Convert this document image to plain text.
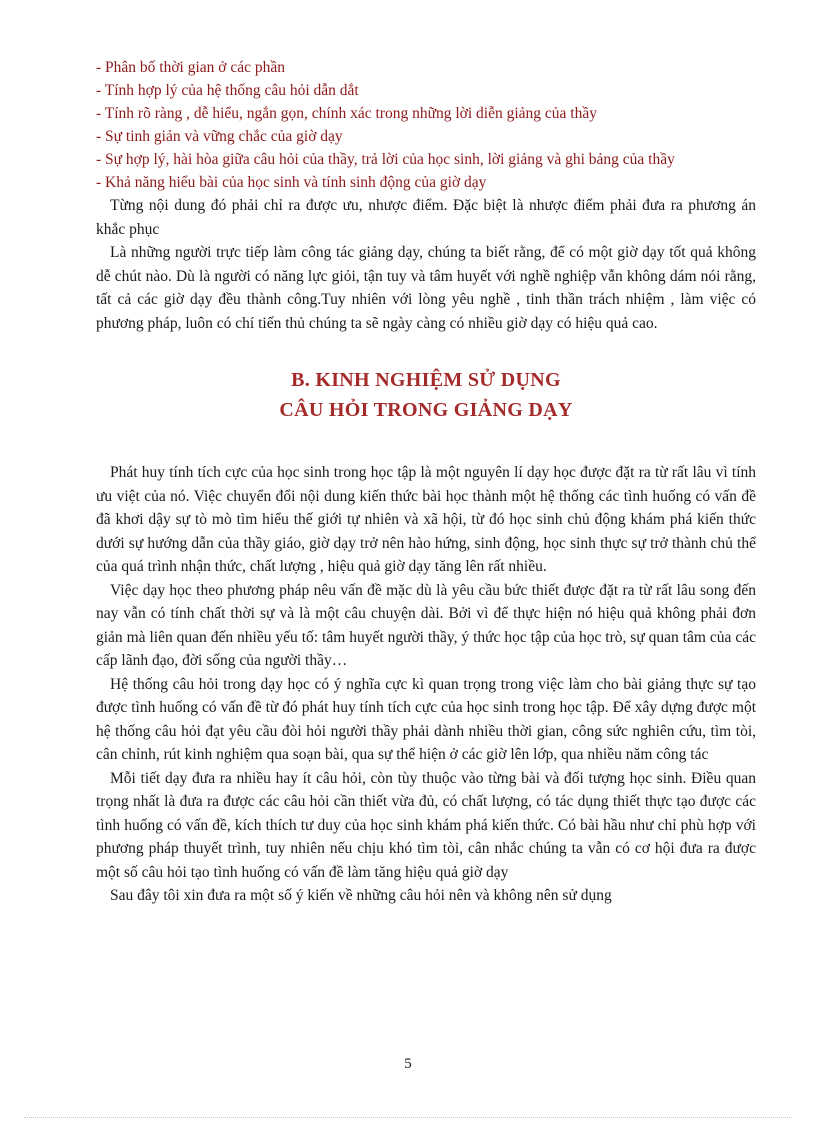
- Phân bố thời gian ở các phần
- Tính hợp lý của hệ thống câu hỏi dẫn dắt
- Tính rõ ràng , dễ hiểu, ngắn gọn, chính xác trong những lời diễn giảng của thầy
- Sự tinh giản và vững chắc của giờ dạy
- Sự hợp lý, hài hòa giữa câu hỏi của thầy, trả lời của học sinh, lời giảng và ghi bảng của thầy
- Khả năng hiểu bài của học sinh và tính sinh động của giờ dạy

Từng nội dung đó phải chỉ ra được ưu, nhược điểm. Đặc biệt là nhược điểm phải đưa ra phương án khắc phục

Là những người trực tiếp làm công tác giảng dạy, chúng ta biết rằng, để có một giờ dạy tốt quả không dễ chút nào. Dù là người có năng lực giỏi, tận tuy và tâm huyết với nghề nghiệp vẫn không dám nói rằng, tất cả các giờ dạy đều thành công.Tuy nhiên với lòng yêu nghề , tinh thần trách nhiệm , làm việc có phương pháp, luôn có chí tiến thủ chúng ta sẽ ngày càng có nhiều giờ dạy có hiệu quả cao.

B. KINH NGHIỆM SỬ DỤNG
CÂU HỎI TRONG GIẢNG DẠY

Phát huy tính tích cực của học sinh trong học tập là một nguyên lí dạy học được đặt ra từ rất lâu vì tính ưu việt của nó. Việc chuyển đổi nội dung kiến thức bài học thành một hệ thống các tình huống có vấn đề đã khơi dậy sự tò mò tìm hiểu thế giới tự nhiên và xã hội, từ đó học sinh chủ động khám phá kiến thức dưới sự hướng dẫn của thầy giáo, giờ dạy trở nên hào hứng, sinh động, học sinh thực sự trở thành chủ thể của quá trình nhận thức, chất lượng , hiệu quả giờ dạy tăng lên rất nhiều.

Việc dạy học theo phương pháp nêu vấn đề mặc dù là yêu cầu bức thiết được đặt ra từ rất lâu song đến nay vẫn có tính chất thời sự và là một câu chuyện dài. Bởi vì để thực hiện nó hiệu quả không phải đơn giản mà liên quan đến nhiều yếu tố: tâm huyết người thầy, ý thức học tập của học trò, sự quan tâm của các cấp lãnh đạo, đời sống của người thầy…

Hệ thống câu hỏi trong dạy học có ý nghĩa cực kì quan trọng trong việc làm cho bài giảng thực sự tạo được tình huống có vấn đề từ đó phát huy tính tích cực của học sinh trong học tập. Để xây dựng được một hệ thống câu hỏi đạt yêu cầu đòi hỏi người thầy phải dành nhiều thời gian, công sức nghiên cứu, tìm tòi, cân chỉnh, rút kinh nghiệm qua soạn bài, qua sự thể hiện ở các giờ lên lớp, qua nhiều năm công tác

Mỗi tiết dạy đưa ra nhiều hay ít câu hỏi, còn tùy thuộc vào từng bài và đối tượng học sinh. Điều quan trọng nhất là đưa ra được các câu hỏi cần thiết vừa đủ, có chất lượng, có tác dụng thiết thực tạo được các tình huống có vấn đề, kích thích tư duy của học sinh khám phá kiến thức. Có bài hầu như chỉ phù hợp với phương pháp thuyết trình, tuy nhiên nếu chịu khó tìm tòi, cân nhắc chúng ta vẫn có cơ hội đưa ra được một số câu hỏi tạo tình huống có vấn đề làm tăng hiệu quả giờ dạy

Sau đây tôi xin đưa ra một số ý kiến về những câu hỏi nên và không nên sử dụng

5
